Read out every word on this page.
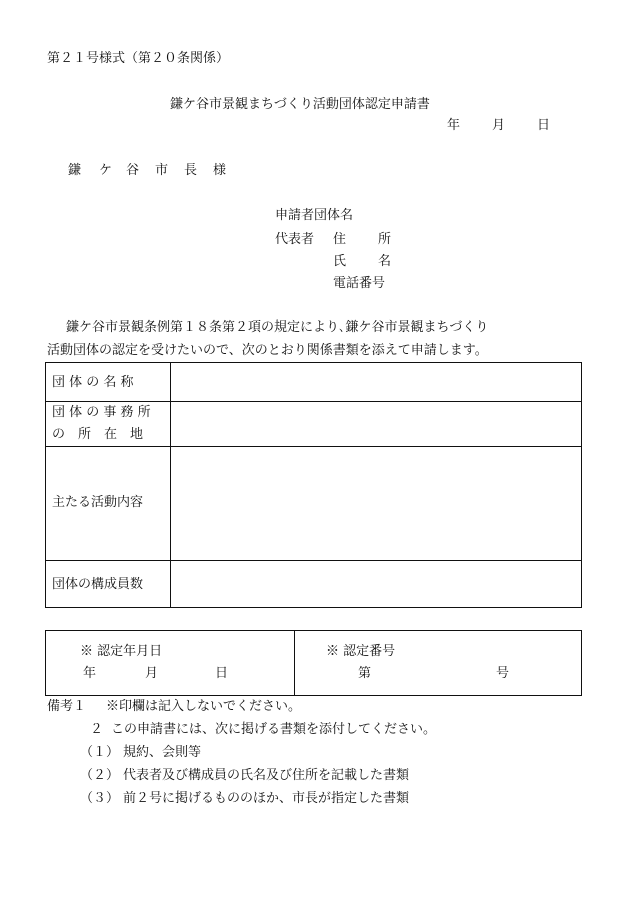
第２１号様式（第２０条関係）
鎌ケ谷市景観まちづくり活動団体認定申請書
年 月 日
鎌 ケ 谷 市 長 様
申請者団体名
代表者 住 所
氏 名
電話番号
鎌ケ谷市景観条例第１８条第２項の規定により､鎌ケ谷市景観まちづくり
活動団体の認定を受けたいので、次のとおり関係書類を添えて申請します。
団 体 の 名 称
団 体 の 事 務 所
の　所　在　地
主たる活動内容
団体の構成員数
※ 認定年月日
年	月	日
※ 認定番号
第	号
備考１ ※印欄は記入しないでください。
２ この申請書には、次に掲げる書類を添付してください。
（１） 規約、会則等
（２） 代表者及び構成員の氏名及び住所を記載した書類
（３） 前２号に掲げるもののほか、市長が指定した書類
